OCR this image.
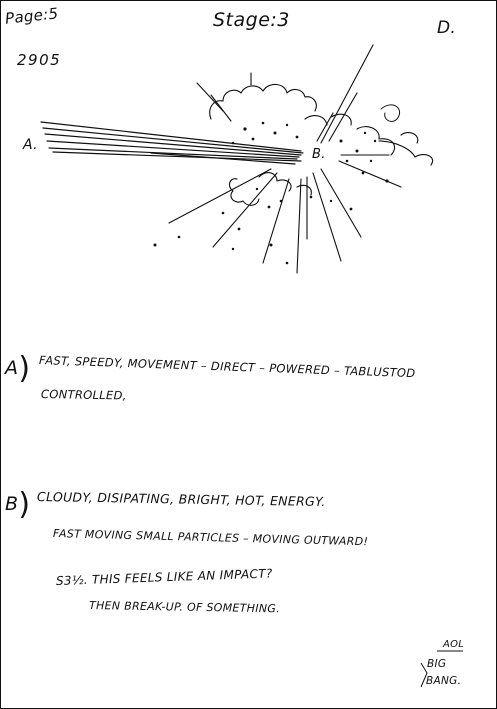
Page:5
2905
Stage:3	D.
A.
B.
A) FAST, SPEEDY, MOVEMENT – DIRECT – POWERED – TABLUSTOD
CONTROLLED,
B) CLOUDY, DISIPATING, BRIGHT, HOT, ENERGY.
FAST MOVING SMALL PARTICLES – MOVING OUTWARD!
S3½. THIS FEELS LIKE AN IMPACT?
THEN BREAK-UP. OF SOMETHING.
AOL
BIG
BANG.
